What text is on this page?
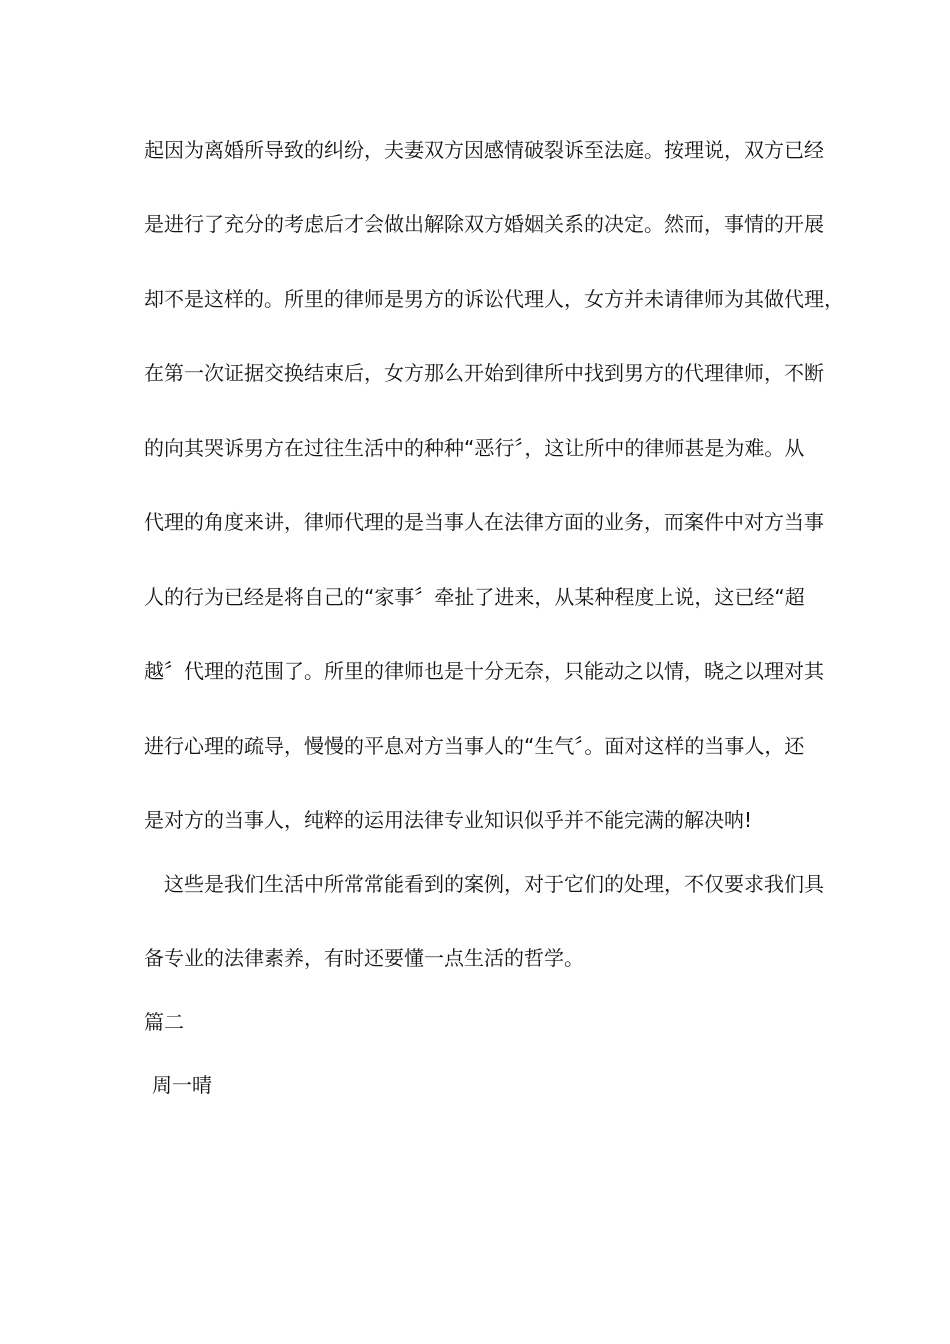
起因为离婚所导致的纠纷，夫妻双方因感情破裂诉至法庭。按理说，双方已经
是进行了充分的考虑后才会做出解除双方婚姻关系的决定。然而，事情的开展
却不是这样的。所里的律师是男方的诉讼代理人，女方并未请律师为其做代理，
在第一次证据交换结束后，女方那么开始到律所中找到男方的代理律师，不断
的向其哭诉男方在过往生活中的种种“恶行〞，这让所中的律师甚是为难。从
代理的角度来讲，律师代理的是当事人在法律方面的业务，而案件中对方当事
人的行为已经是将自己的“家事〞牵扯了进来，从某种程度上说，这已经“超
越〞代理的范围了。所里的律师也是十分无奈，只能动之以情，晓之以理对其
进行心理的疏导，慢慢的平息对方当事人的“生气〞。面对这样的当事人，还
是对方的当事人，纯粹的运用法律专业知识似乎并不能完满的解决呐!
　这些是我们生活中所常常能看到的案例，对于它们的处理，不仅要求我们具
备专业的法律素养，有时还要懂一点生活的哲学。
篇二
周一晴
